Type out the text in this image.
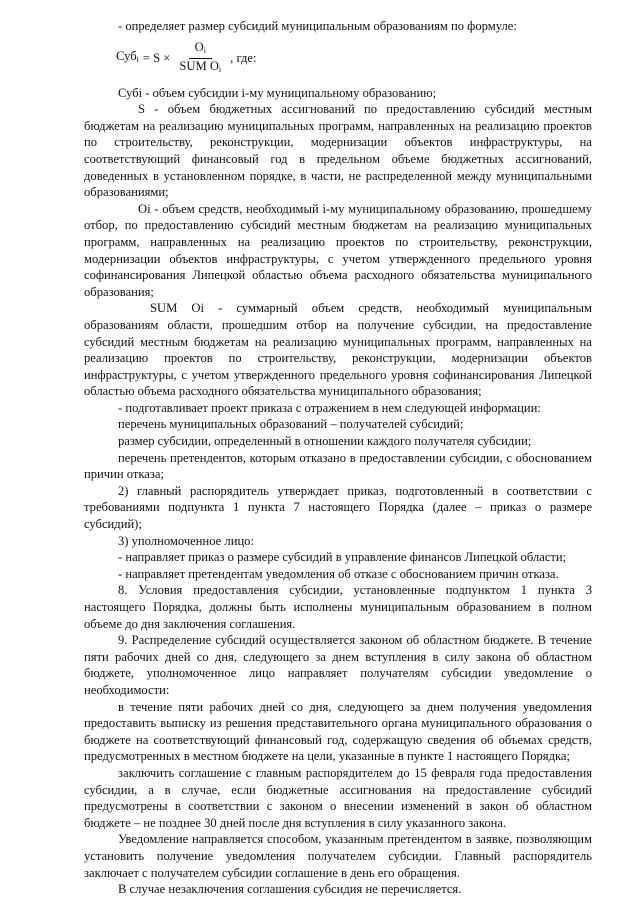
- определяет размер субсидий муниципальным образованиям по формуле:

$Суб_i = S \times \frac{O_i}{SUM O_i}$ , где:

Субi - объем субсидии i-му муниципальному образованию;

S - объем бюджетных ассигнований по предоставлению субсидий местным бюджетам на реализацию муниципальных программ, направленных на реализацию проектов по строительству, реконструкции, модернизации объектов инфраструктуры, на соответствующий финансовый год в предельном объеме бюджетных ассигнований, доведенных в установленном порядке, в части, не распределенной между муниципальными образованиями;

Oi - объем средств, необходимый i-му муниципальному образованию, прошедшему отбор, по предоставлению субсидий местным бюджетам на реализацию муниципальных программ, направленных на реализацию проектов по строительству, реконструкции, модернизации объектов инфраструктуры, с учетом утвержденного предельного уровня софинансирования Липецкой областью объема расходного обязательства муниципального образования;

SUM Oi - суммарный объем средств, необходимый муниципальным образованиям области, прошедшим отбор на получение субсидии, на предоставление субсидий местным бюджетам на реализацию муниципальных программ, направленных на реализацию проектов по строительству, реконструкции, модернизации объектов инфраструктуры, с учетом утвержденного предельного уровня софинансирования Липецкой областью объема расходного обязательства муниципального образования;

- подготавливает проект приказа с отражением в нем следующей информации:

перечень муниципальных образований – получателей субсидий;

размер субсидии, определенный в отношении каждого получателя субсидии;

перечень претендентов, которым отказано в предоставлении субсидии, с обоснованием причин отказа;

2) главный распорядитель утверждает приказ, подготовленный в соответствии с требованиями подпункта 1 пункта 7 настоящего Порядка (далее – приказ о размере субсидий);

3) уполномоченное лицо:

- направляет приказ о размере субсидий в управление финансов Липецкой области;

- направляет претендентам уведомления об отказе с обоснованием причин отказа.

8. Условия предоставления субсидии, установленные подпунктом 1 пункта 3 настоящего Порядка, должны быть исполнены муниципальным образованием в полном объеме до дня заключения соглашения.

9. Распределение субсидий осуществляется законом об областном бюджете. В течение пяти рабочих дней со дня, следующего за днем вступления в силу закона об областном бюджете, уполномоченное лицо направляет получателям субсидии уведомление о необходимости:

в течение пяти рабочих дней со дня, следующего за днем получения уведомления предоставить выписку из решения представительного органа муниципального образования о бюджете на соответствующий финансовый год, содержащую сведения об объемах средств, предусмотренных в местном бюджете на цели, указанные в пункте 1 настоящего Порядка;

заключить соглашение с главным распорядителем до 15 февраля года предоставления субсидии, а в случае, если бюджетные ассигнования на предоставление субсидий предусмотрены в соответствии с законом о внесении изменений в закон об областном бюджете – не позднее 30 дней после дня вступления в силу указанного закона.

Уведомление направляется способом, указанным претендентом в заявке, позволяющим установить получение уведомления получателем субсидии. Главный распорядитель заключает с получателем субсидии соглашение в день его обращения.

В случае незаключения соглашения субсидия не перечисляется.
